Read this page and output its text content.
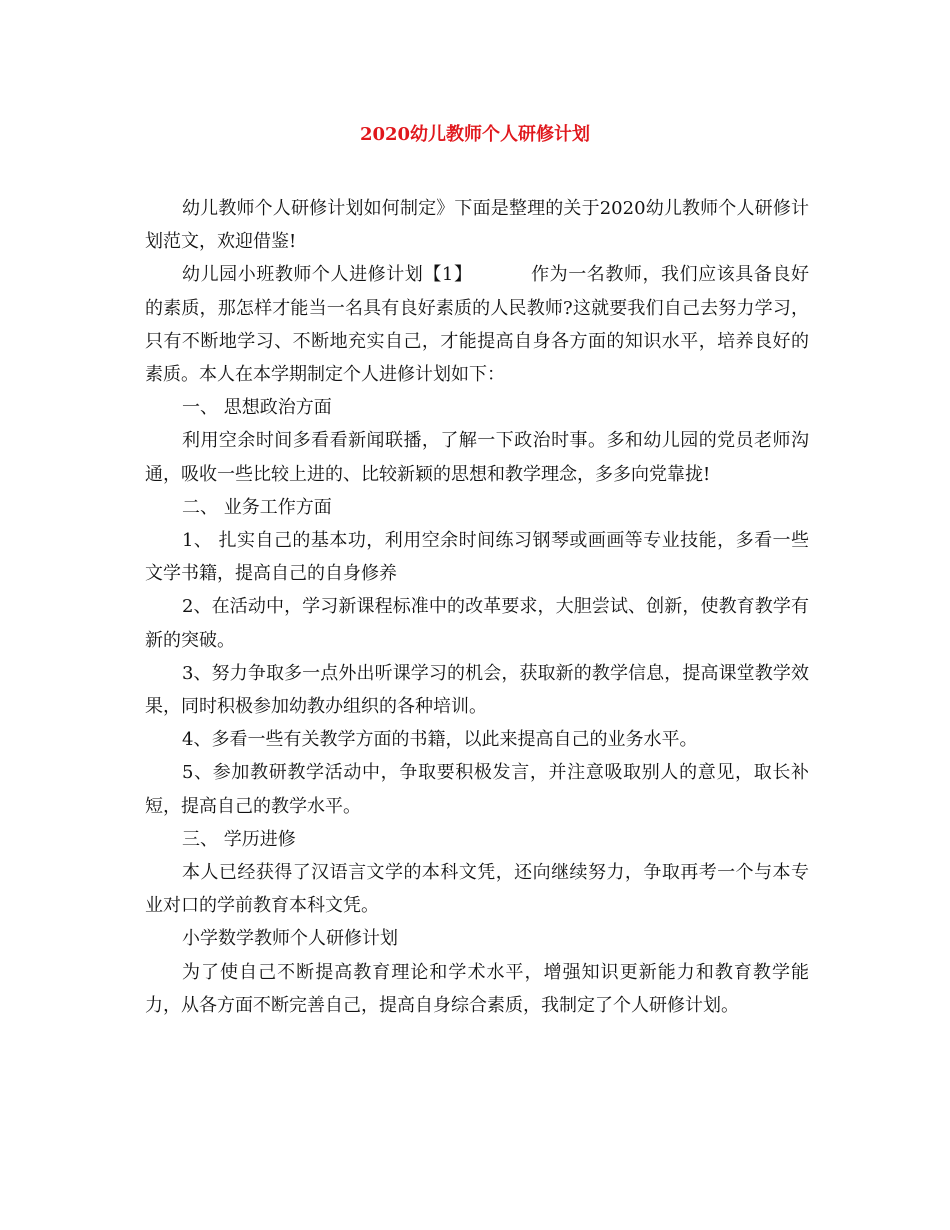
2020幼儿教师个人研修计划

幼儿教师个人研修计划如何制定》下面是整理的关于2020幼儿教师个人研修计划范文，欢迎借鉴!

幼儿园小班教师个人进修计划【1】	作为一名教师，我们应该具备良好的素质，那怎样才能当一名具有良好素质的人民教师?这就要我们自己去努力学习，只有不断地学习、不断地充实自己，才能提高自身各方面的知识水平，培养良好的素质。本人在本学期制定个人进修计划如下：

一、 思想政治方面

利用空余时间多看看新闻联播，了解一下政治时事。多和幼儿园的党员老师沟通，吸收一些比较上进的、比较新颖的思想和教学理念，多多向党靠拢!

二、 业务工作方面

1、 扎实自己的基本功，利用空余时间练习钢琴或画画等专业技能，多看一些文学书籍，提高自己的自身修养

2、在活动中，学习新课程标准中的改革要求，大胆尝试、创新，使教育教学有新的突破。

3、努力争取多一点外出听课学习的机会，获取新的教学信息，提高课堂教学效果，同时积极参加幼教办组织的各种培训。

4、多看一些有关教学方面的书籍，以此来提高自己的业务水平。

5、参加教研教学活动中，争取要积极发言，并注意吸取别人的意见，取长补短，提高自己的教学水平。

三、 学历进修

本人已经获得了汉语言文学的本科文凭，还向继续努力，争取再考一个与本专业对口的学前教育本科文凭。

小学数学教师个人研修计划

为了使自己不断提高教育理论和学术水平，增强知识更新能力和教育教学能力，从各方面不断完善自己，提高自身综合素质，我制定了个人研修计划。
